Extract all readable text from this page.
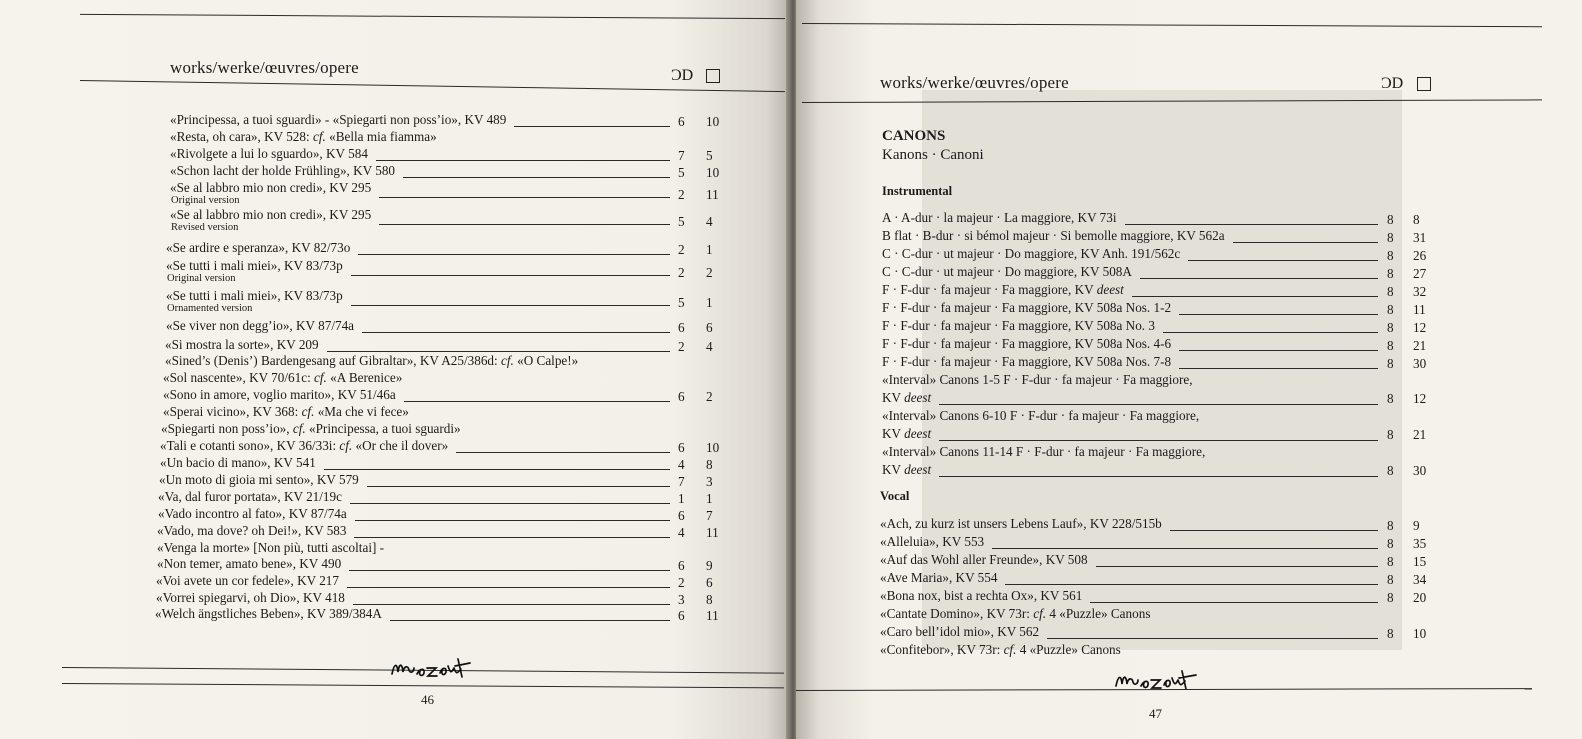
works/werke/œuvres/opere	ƆD
«Principessa, a tuoi sguardi» - «Spiegarti non poss’io», KV 489	6 10
«Resta, oh cara», KV 528: cf. «Bella mia fiamma»
«Rivolgete a lui lo sguardo», KV 584	7 5
«Schon lacht der holde Frühling», KV 580	5 10
«Se al labbro mio non credi», KV 295
Original version	2 11
«Se al labbro mio non credi», KV 295
Revised version	5 4
«Se ardire e speranza», KV 82/73o	2 1
«Se tutti i mali miei», KV 83/73p
Original version	2 2
«Se tutti i mali miei», KV 83/73p
Ornamented version	5 1
«Se viver non degg’io», KV 87/74a	6 6
«Si mostra la sorte», KV 209	2 4
«Sined’s (Denis’) Bardengesang auf Gibraltar», KV A25/386d: cf. «O Calpe!»
«Sol nascente», KV 70/61c: cf. «A Berenice»
«Sono in amore, voglio marito», KV 51/46a	6 2
«Sperai vicino», KV 368: cf. «Ma che vi fece»
«Spiegarti non poss’io», cf. «Principessa, a tuoi sguardi»
«Tali e cotanti sono», KV 36/33i: cf. «Or che il dover»	6 10
«Un bacio di mano», KV 541	4 8
«Un moto di gioia mi sento», KV 579	7 3
«Va, dal furor portata», KV 21/19c	1 1
«Vado incontro al fato», KV 87/74a	6 7
«Vado, ma dove? oh Dei!», KV 583	4 11
«Venga la morte» [Non più, tutti ascoltai] -
«Non temer, amato bene», KV 490	6 9
«Voi avete un cor fedele», KV 217	2 6
«Vorrei spiegarvi, oh Dio», KV 418	3 8
«Welch ängstliches Beben», KV 389/384A	6 11
46
works/werke/œuvres/opere	ƆD
CANONS
Kanons · Canoni
Instrumental
Vocal
A · A-dur · la majeur · La maggiore, KV 73i	8 8
B flat · B-dur · si bémol majeur · Si bemolle maggiore, KV 562a	8 31
C · C-dur · ut majeur · Do maggiore, KV Anh. 191/562c	8 26
C · C-dur · ut majeur · Do maggiore, KV 508A	8 27
F · F-dur · fa majeur · Fa maggiore, KV deest	8 32
F · F-dur · fa majeur · Fa maggiore, KV 508a Nos. 1-2	8 11
F · F-dur · fa majeur · Fa maggiore, KV 508a No. 3	8 12
F · F-dur · fa majeur · Fa maggiore, KV 508a Nos. 4-6	8 21
F · F-dur · fa majeur · Fa maggiore, KV 508a Nos. 7-8	8 30
«Interval» Canons 1-5 F · F-dur · fa majeur · Fa maggiore,
KV deest	8 12
«Interval» Canons 6-10 F · F-dur · fa majeur · Fa maggiore,
KV deest	8 21
«Interval» Canons 11-14 F · F-dur · fa majeur · Fa maggiore,
KV deest	8 30
«Ach, zu kurz ist unsers Lebens Lauf», KV 228/515b	8 9
«Alleluia», KV 553	8 35
«Auf das Wohl aller Freunde», KV 508	8 15
«Ave Maria», KV 554	8 34
«Bona nox, bist a rechta Ox», KV 561	8 20
«Cantate Domino», KV 73r: cf. 4 «Puzzle» Canons
«Caro bell’idol mio», KV 562	8 10
«Confitebor», KV 73r: cf. 4 «Puzzle» Canons
47
